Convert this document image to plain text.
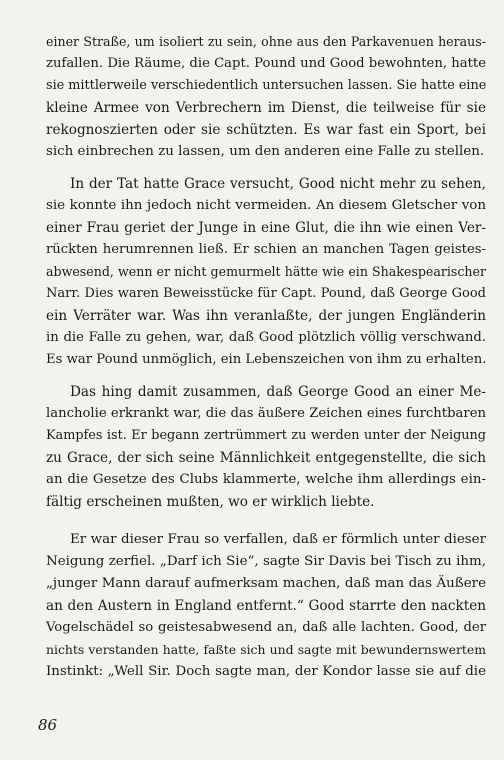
einer Straße, um isoliert zu sein, ohne aus den Parkavenuen heraus-
zufallen. Die Räume, die Capt. Pound und Good bewohnten, hatte
sie mittlerweile verschiedentlich untersuchen lassen. Sie hatte eine
kleine Armee von Verbrechern im Dienst, die teilweise für sie
rekognoszierten oder sie schützten. Es war fast ein Sport, bei
sich einbrechen zu lassen, um den anderen eine Falle zu stellen.
In der Tat hatte Grace versucht, Good nicht mehr zu sehen,
sie konnte ihn jedoch nicht vermeiden. An diesem Gletscher von
einer Frau geriet der Junge in eine Glut, die ihn wie einen Ver-
rückten herumrennen ließ. Er schien an manchen Tagen geistes-
abwesend, wenn er nicht gemurmelt hätte wie ein Shakespearischer
Narr. Dies waren Beweisstücke für Capt. Pound, daß George Good
ein Verräter war. Was ihn veranlaßte, der jungen Engländerin
in die Falle zu gehen, war, daß Good plötzlich völlig verschwand.
Es war Pound unmöglich, ein Lebenszeichen von ihm zu erhalten.
Das hing damit zusammen, daß George Good an einer Me-
lancholie erkrankt war, die das äußere Zeichen eines furchtbaren
Kampfes ist. Er begann zertrümmert zu werden unter der Neigung
zu Grace, der sich seine Männlichkeit entgegenstellte, die sich
an die Gesetze des Clubs klammerte, welche ihm allerdings ein-
fältig erscheinen mußten, wo er wirklich liebte.
Er war dieser Frau so verfallen, daß er förmlich unter dieser
Neigung zerfiel. „Darf ich Sie“, sagte Sir Davis bei Tisch zu ihm,
„junger Mann darauf aufmerksam machen, daß man das Äußere
an den Austern in England entfernt.“ Good starrte den nackten
Vogelschädel so geistesabwesend an, daß alle lachten. Good, der
nichts verstanden hatte, faßte sich und sagte mit bewundernswertem
Instinkt: „Well Sir. Doch sagte man, der Kondor lasse sie auf die
86
